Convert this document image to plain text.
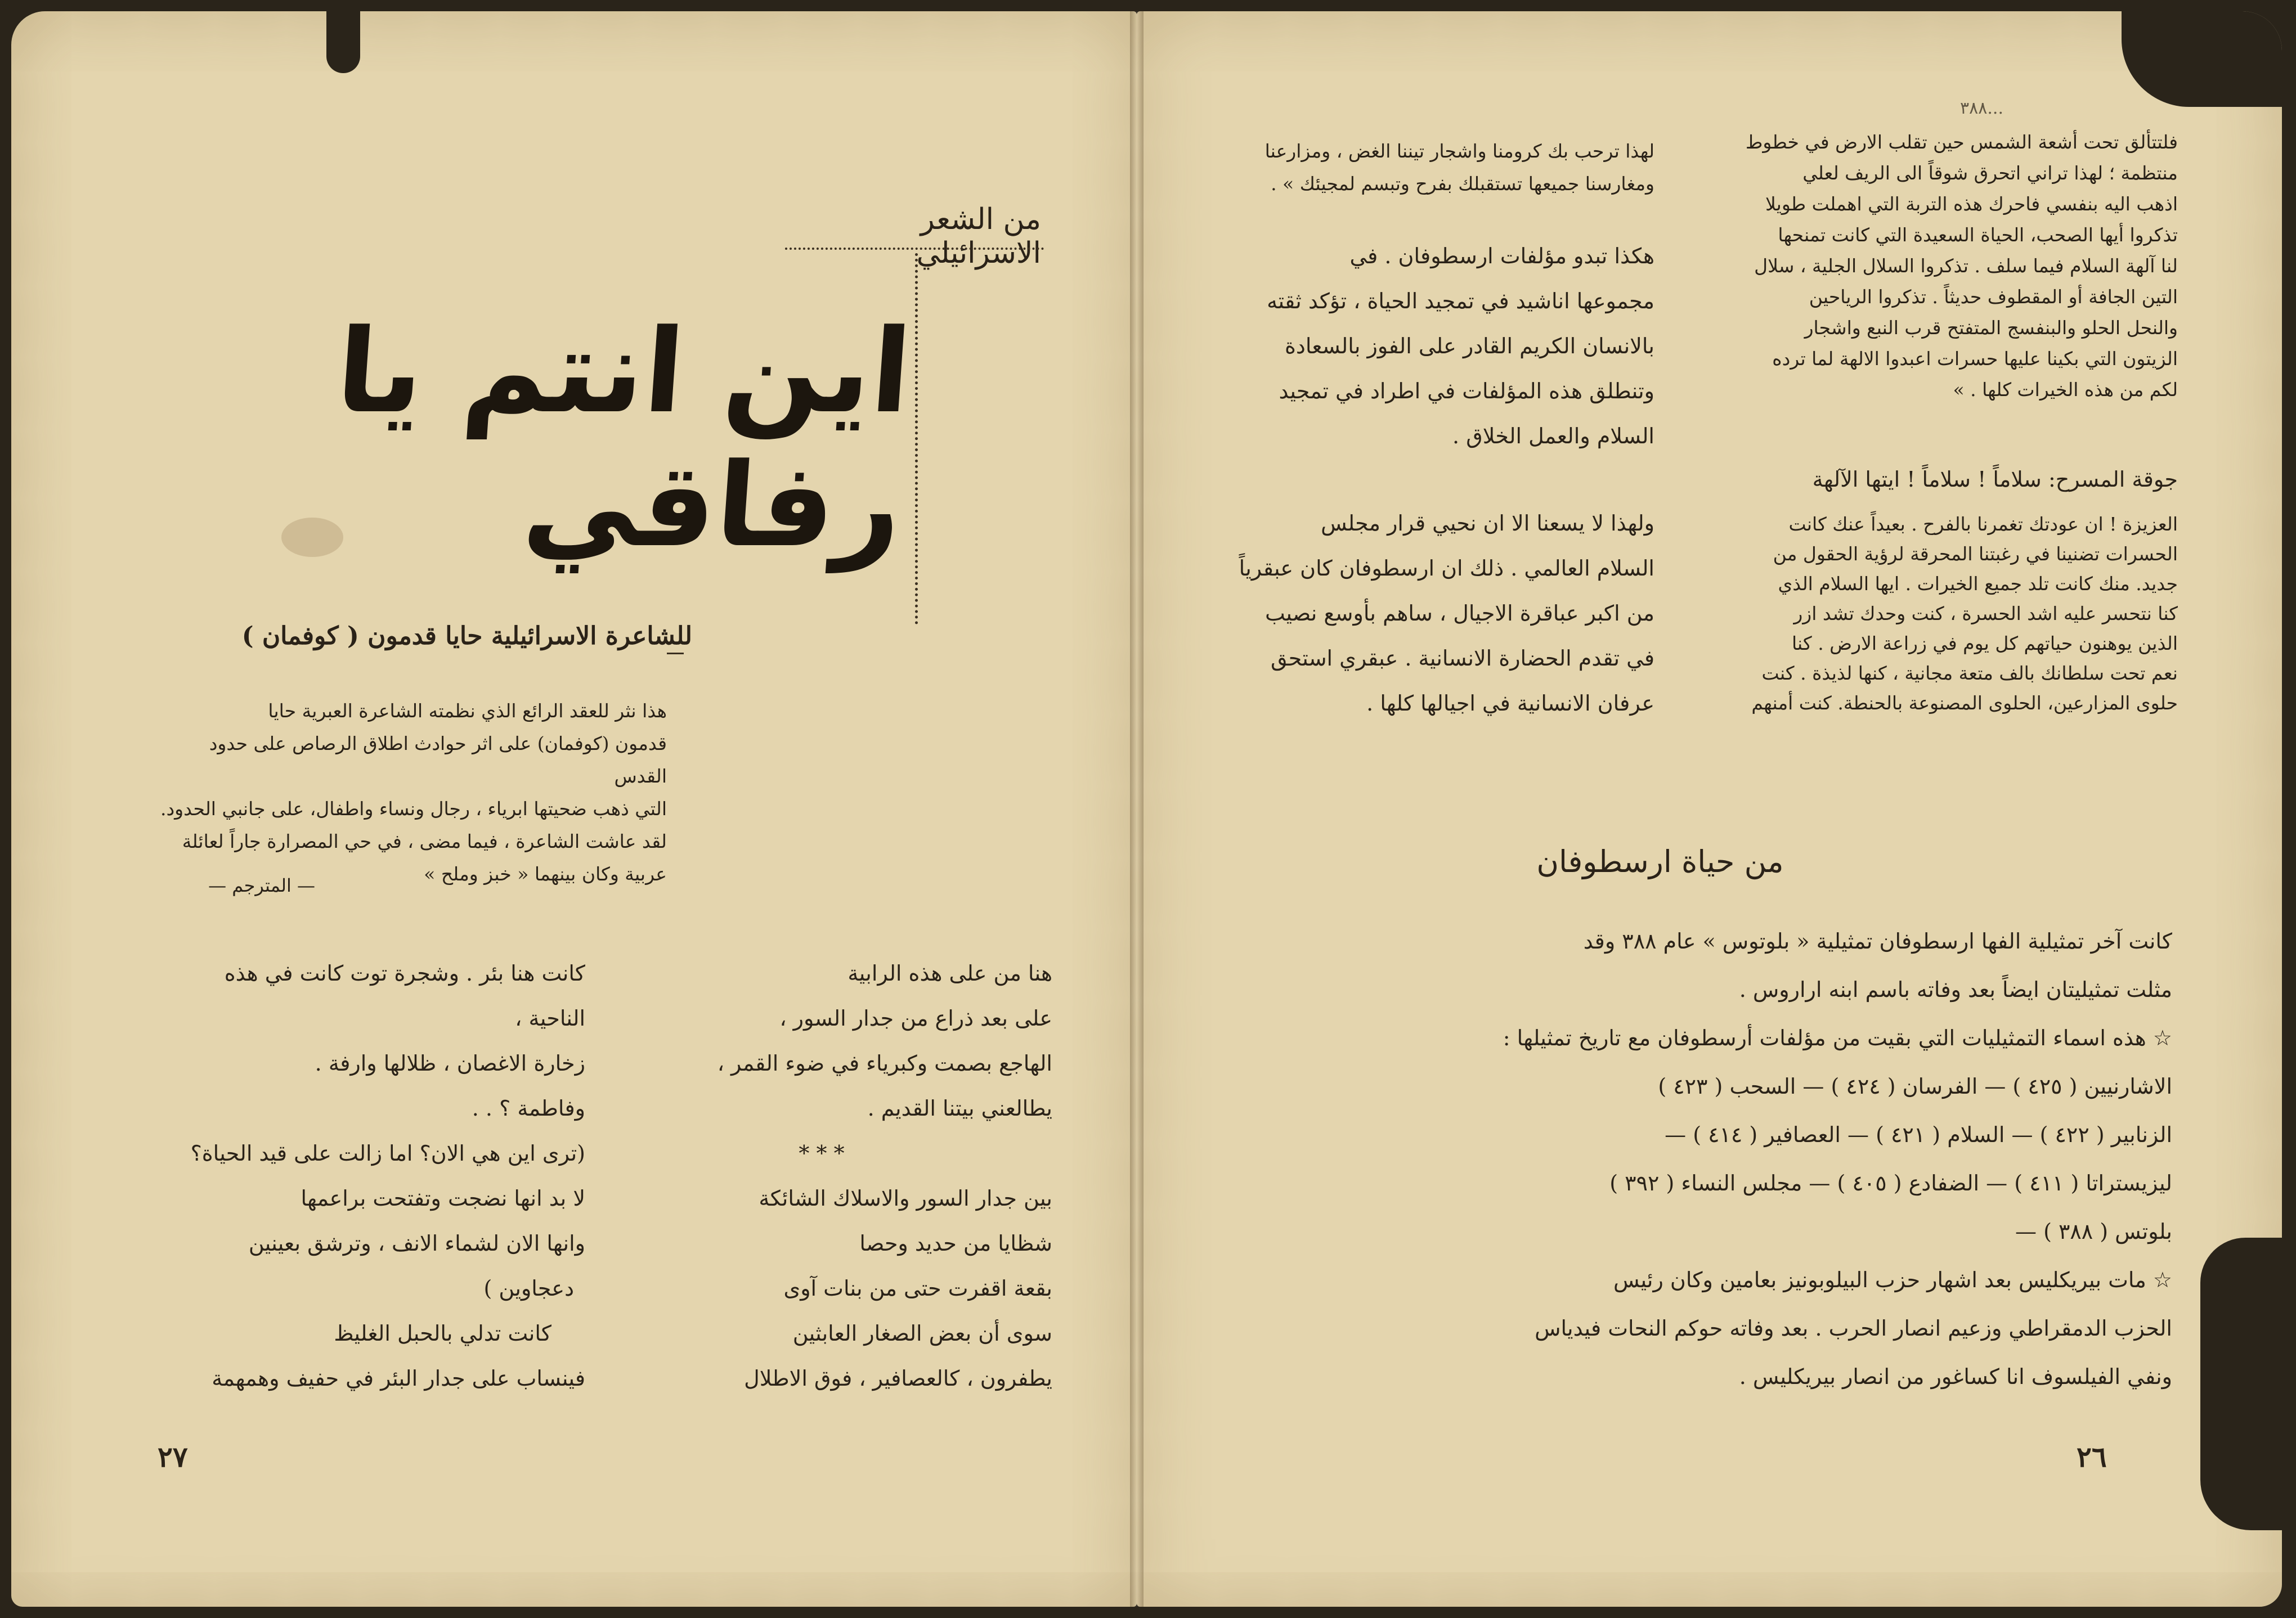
من الشعر الاسرائيلي
اين انتم يا رفاقي
للشاعرة الاسرائيلية حايا قدمون ( كوفمان )

هذا نثر للعقد الرائع الذي نظمته الشاعرة العبرية حايا

قدمون (كوفمان) على اثر حوادث اطلاق الرصاص على حدود القدس

التي ذهب ضحيتها ابرياء ، رجال ونساء واطفال، على جانبي الحدود.

لقد عاشت الشاعرة ، فيما مضى ، في حي المصرارة جاراً لعائلة

عربية وكان بينهما « خبز وملح »

— المترجم —

كانت هنا بئر . وشجرة توت كانت في هذه

الناحية ،

زخارة الاغصان ، ظلالها وارفة .

وفاطمة ؟ . .

(ترى اين هي الان؟ اما زالت على قيد الحياة؟

لا بد انها نضجت وتفتحت براعمها

وانها الان لشماء الانف ، وترشق بعينين

دعجاوين )

كانت تدلي بالحبل الغليظ

فينساب على جدار البئر في حفيف وهمهمة

هنا من على هذه الرابية

على بعد ذراع من جدار السور ،

الهاجع بصمت وكبرياء في ضوء القمر ،

يطالعني بيتنا القديم .

* * *

بين جدار السور والاسلاك الشائكة

شظايا من حديد وحصا

بقعة اقفرت حتى من بنات آوى

سوى أن بعض الصغار العابثين

يطفرون ، كالعصافير ، فوق الاطلال

٢٧
...٣٨٨

فلتتألق تحت أشعة الشمس حين تقلب الارض في خطوط

منتظمة ؛ لهذا تراني اتحرق شوقاً الى الريف لعلي

اذهب اليه بنفسي فاحرك هذه التربة التي اهملت طويلا

تذكروا أيها الصحب، الحياة السعيدة التي كانت تمنحها

لنا آلهة السلام فيما سلف . تذكروا السلال الجلية ، سلال

التين الجافة أو المقطوف حديثاً . تذكروا الرياحين

والنحل الحلو والبنفسج المتفتح قرب النبع واشجار

الزيتون التي بكينا عليها حسرات اعبدوا الالهة لما ترده

لكم من هذه الخيرات كلها . »

جوقة المسرح: سلاماً ! سلاماً ! ايتها الآلهة

العزيزة ! ان عودتك تغمرنا بالفرح . بعيداً عنك كانت

الحسرات تضنينا في رغبتنا المحرقة لرؤية الحقول من

جديد. منك كانت تلد جميع الخيرات . ايها السلام الذي

كنا نتحسر عليه اشد الحسرة ، كنت وحدك تشد ازر

الذين يوهنون حياتهم كل يوم في زراعة الارض . كنا

نعم تحت سلطانك بالف متعة مجانية ، كنها لذيذة . كنت

حلوى المزارعين، الحلوى المصنوعة بالحنطة. كنت أمنهم

لهذا ترحب بك كرومنا واشجار تيننا الغض ، ومزارعنا

ومغارسنا جميعها تستقبلك بفرح وتبسم لمجيئك » .

هكذا تبدو مؤلفات ارسطوفان . في

مجموعها اناشيد في تمجيد الحياة ، تؤكد ثقته

بالانسان الكريم القادر على الفوز بالسعادة

وتنطلق هذه المؤلفات في اطراد في تمجيد

السلام والعمل الخلاق .

ولهذا لا يسعنا الا ان نحيي قرار مجلس

السلام العالمي . ذلك ان ارسطوفان كان عبقرياً

من اكبر عباقرة الاجيال ، ساهم بأوسع نصيب

في تقدم الحضارة الانسانية . عبقري استحق

عرفان الانسانية في اجيالها كلها .

من حياة ارسطوفان

كانت آخر تمثيلية الفها ارسطوفان تمثيلية « بلوتوس » عام ٣٨٨ وقد

مثلت تمثيليتان ايضاً بعد وفاته باسم ابنه اراروس .

☆ هذه اسماء التمثيليات التي بقيت من مؤلفات أرسطوفان مع تاريخ تمثيلها :

الاشارنيين ( ٤٢٥ ) — الفرسان ( ٤٢٤ ) — السحب ( ٤٢٣ )

الزنابير ( ٤٢٢ ) — السلام ( ٤٢١ ) — العصافير ( ٤١٤ ) —

ليزيستراتا ( ٤١١ ) — الضفادع ( ٤٠٥ ) — مجلس النساء ( ٣٩٢ )

بلوتس ( ٣٨٨ ) —

☆ مات بيريكليس بعد اشهار حزب البيلوبونيز بعامين وكان رئيس

الحزب الدمقراطي وزعيم انصار الحرب . بعد وفاته حوكم النحات فيدياس

ونفي الفيلسوف انا كساغور من انصار بيريكليس .

٢٦
